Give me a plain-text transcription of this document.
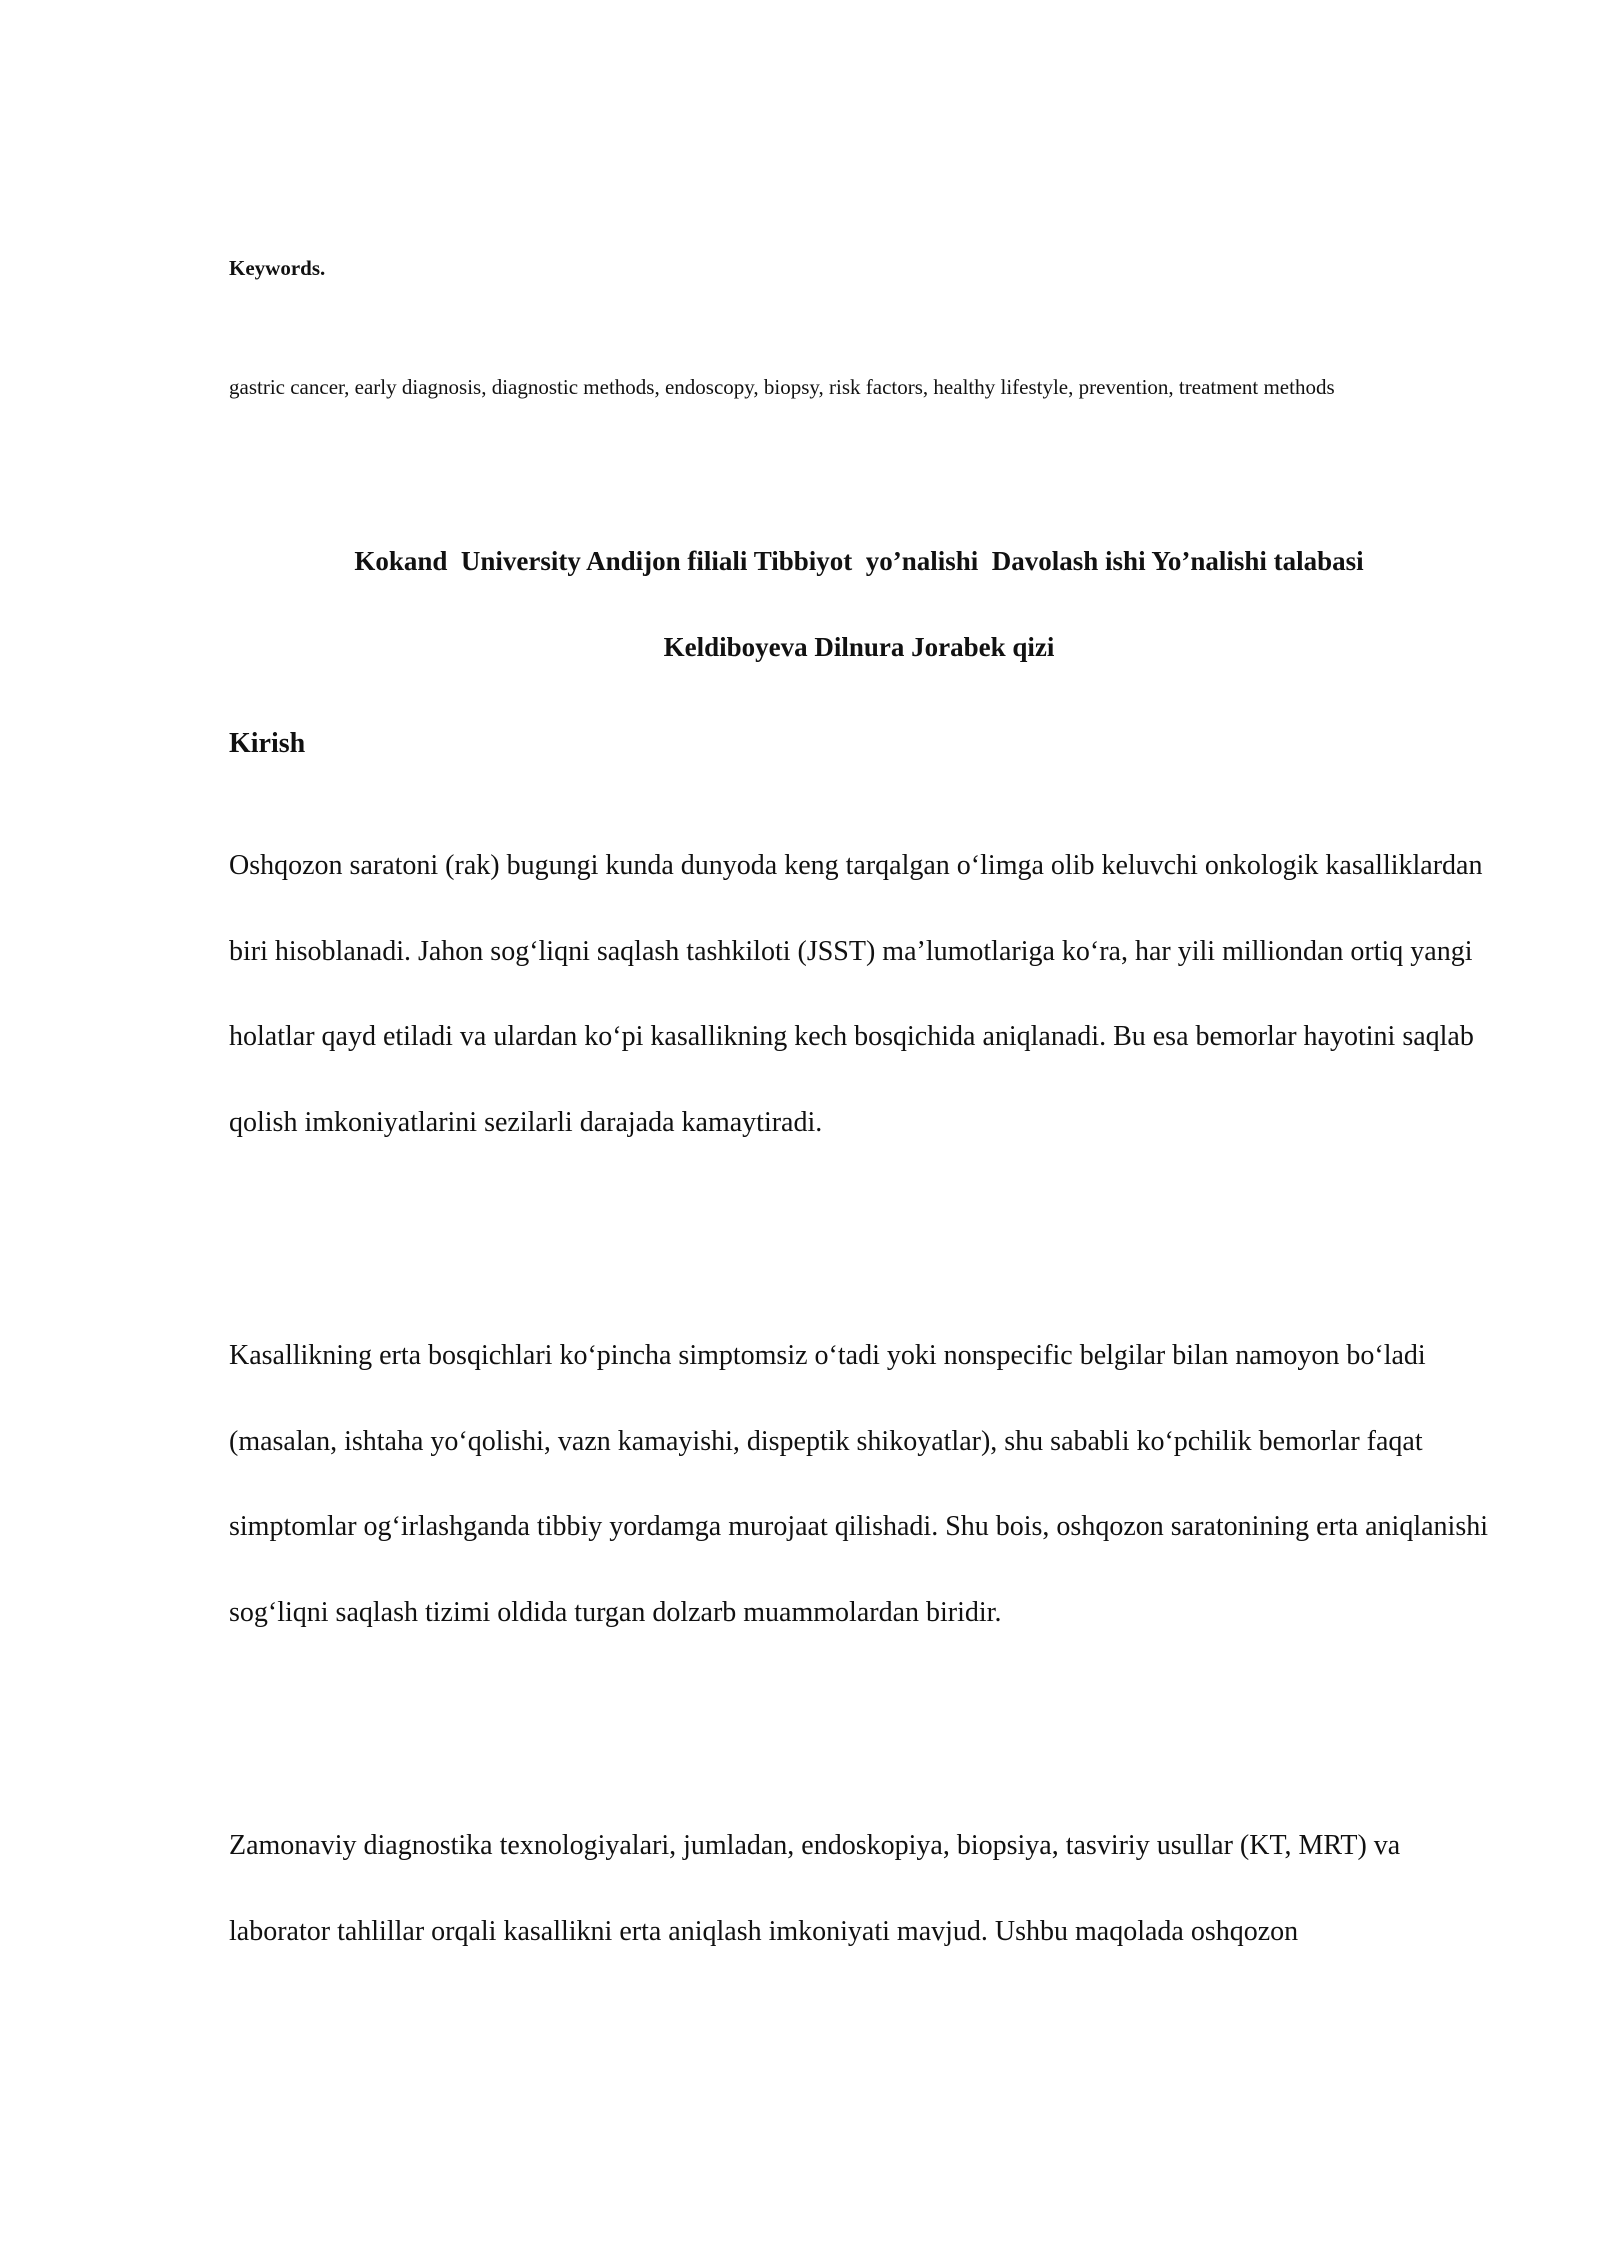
Keywords.

gastric cancer, early diagnosis, diagnostic methods, endoscopy, biopsy, risk factors, healthy lifestyle, prevention, treatment methods

Kokand  University Andijon filiali Tibbiyot  yo’nalishi  Davolash ishi Yo’nalishi talabasi

Keldiboyeva Dilnura Jorabek qizi

Kirish

Oshqozon saratoni (rak) bugungi kunda dunyoda keng tarqalgan o‘limga olib keluvchi onkologik kasalliklardan biri hisoblanadi. Jahon sog‘liqni saqlash tashkiloti (JSST) ma’lumotlariga ko‘ra, har yili milliondan ortiq yangi holatlar qayd etiladi va ulardan ko‘pi kasallikning kech bosqichida aniqlanadi. Bu esa bemorlar hayotini saqlab qolish imkoniyatlarini sezilarli darajada kamaytiradi.

Kasallikning erta bosqichlari ko‘pincha simptomsiz o‘tadi yoki nonspecific belgilar bilan namoyon bo‘ladi (masalan, ishtaha yo‘qolishi, vazn kamayishi, dispeptik shikoyatlar), shu sababli ko‘pchilik bemorlar faqat simptomlar og‘irlashganda tibbiy yordamga murojaat qilishadi. Shu bois, oshqozon saratonining erta aniqlanishi sog‘liqni saqlash tizimi oldida turgan dolzarb muammolardan biridir.

Zamonaviy diagnostika texnologiyalari, jumladan, endoskopiya, biopsiya, tasviriy usullar (KT, MRT) va laborator tahlillar orqali kasallikni erta aniqlash imkoniyati mavjud. Ushbu maqolada oshqozon
